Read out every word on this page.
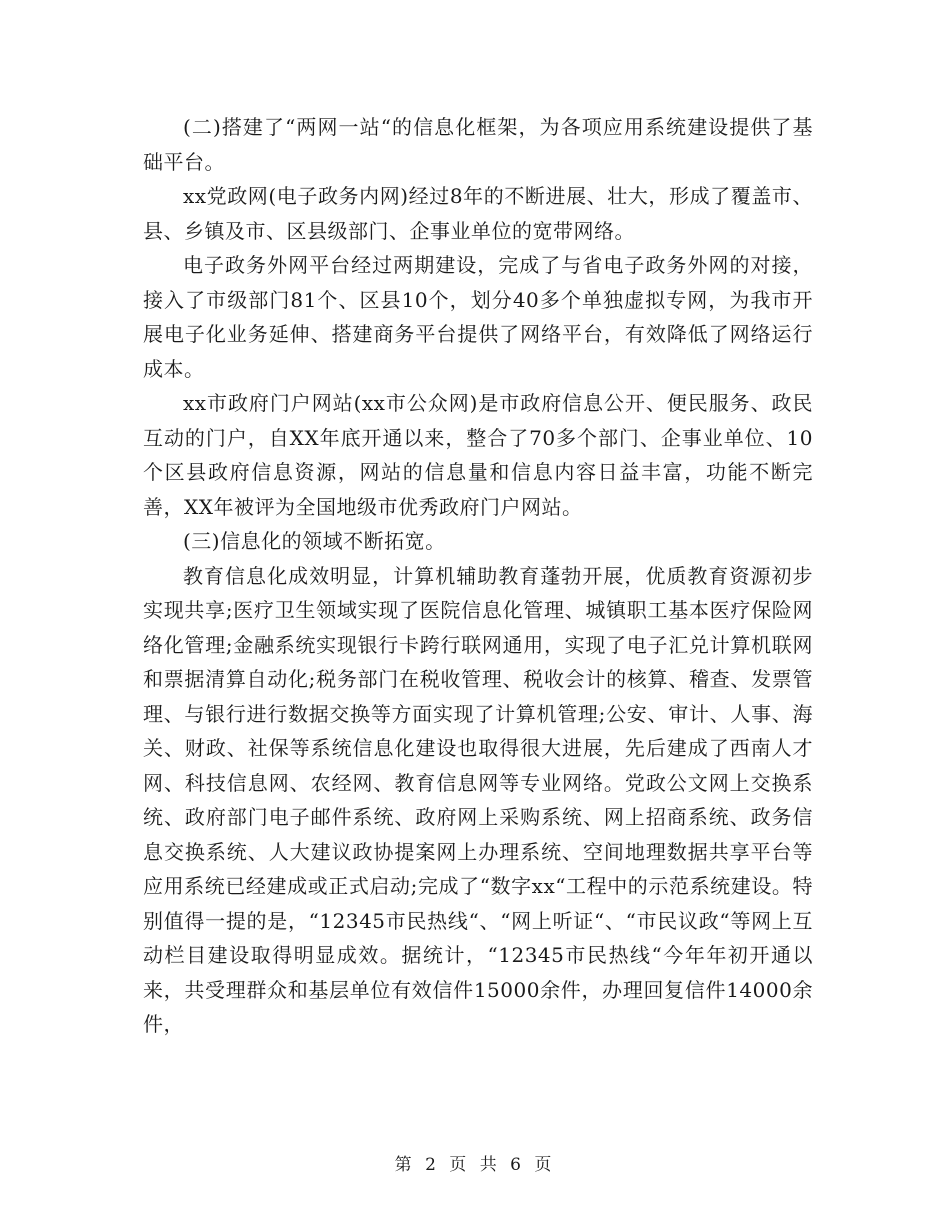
(二)搭建了“两网一站“的信息化框架，为各项应用系统建设提供了基础平台。

xx党政网(电子政务内网)经过8年的不断进展、壮大，形成了覆盖市、县、乡镇及市、区县级部门、企事业单位的宽带网络。

电子政务外网平台经过两期建设，完成了与省电子政务外网的对接，接入了市级部门81个、区县10个，划分40多个单独虚拟专网，为我市开展电子化业务延伸、搭建商务平台提供了网络平台，有效降低了网络运行成本。

xx市政府门户网站(xx市公众网)是市政府信息公开、便民服务、政民互动的门户，自XX年底开通以来，整合了70多个部门、企事业单位、10个区县政府信息资源，网站的信息量和信息内容日益丰富，功能不断完善，XX年被评为全国地级市优秀政府门户网站。

(三)信息化的领域不断拓宽。

教育信息化成效明显，计算机辅助教育蓬勃开展，优质教育资源初步实现共享;医疗卫生领域实现了医院信息化管理、城镇职工基本医疗保险网络化管理;金融系统实现银行卡跨行联网通用，实现了电子汇兑计算机联网和票据清算自动化;税务部门在税收管理、税收会计的核算、稽查、发票管理、与银行进行数据交换等方面实现了计算机管理;公安、审计、人事、海关、财政、社保等系统信息化建设也取得很大进展，先后建成了西南人才网、科技信息网、农经网、教育信息网等专业网络。党政公文网上交换系统、政府部门电子邮件系统、政府网上采购系统、网上招商系统、政务信息交换系统、人大建议政协提案网上办理系统、空间地理数据共享平台等应用系统已经建成或正式启动;完成了“数字xx“工程中的示范系统建设。特别值得一提的是，“12345市民热线“、“网上听证“、“市民议政“等网上互动栏目建设取得明显成效。据统计，“12345市民热线“今年年初开通以来，共受理群众和基层单位有效信件15000余件，办理回复信件14000余件，

第 2 页 共 6 页
